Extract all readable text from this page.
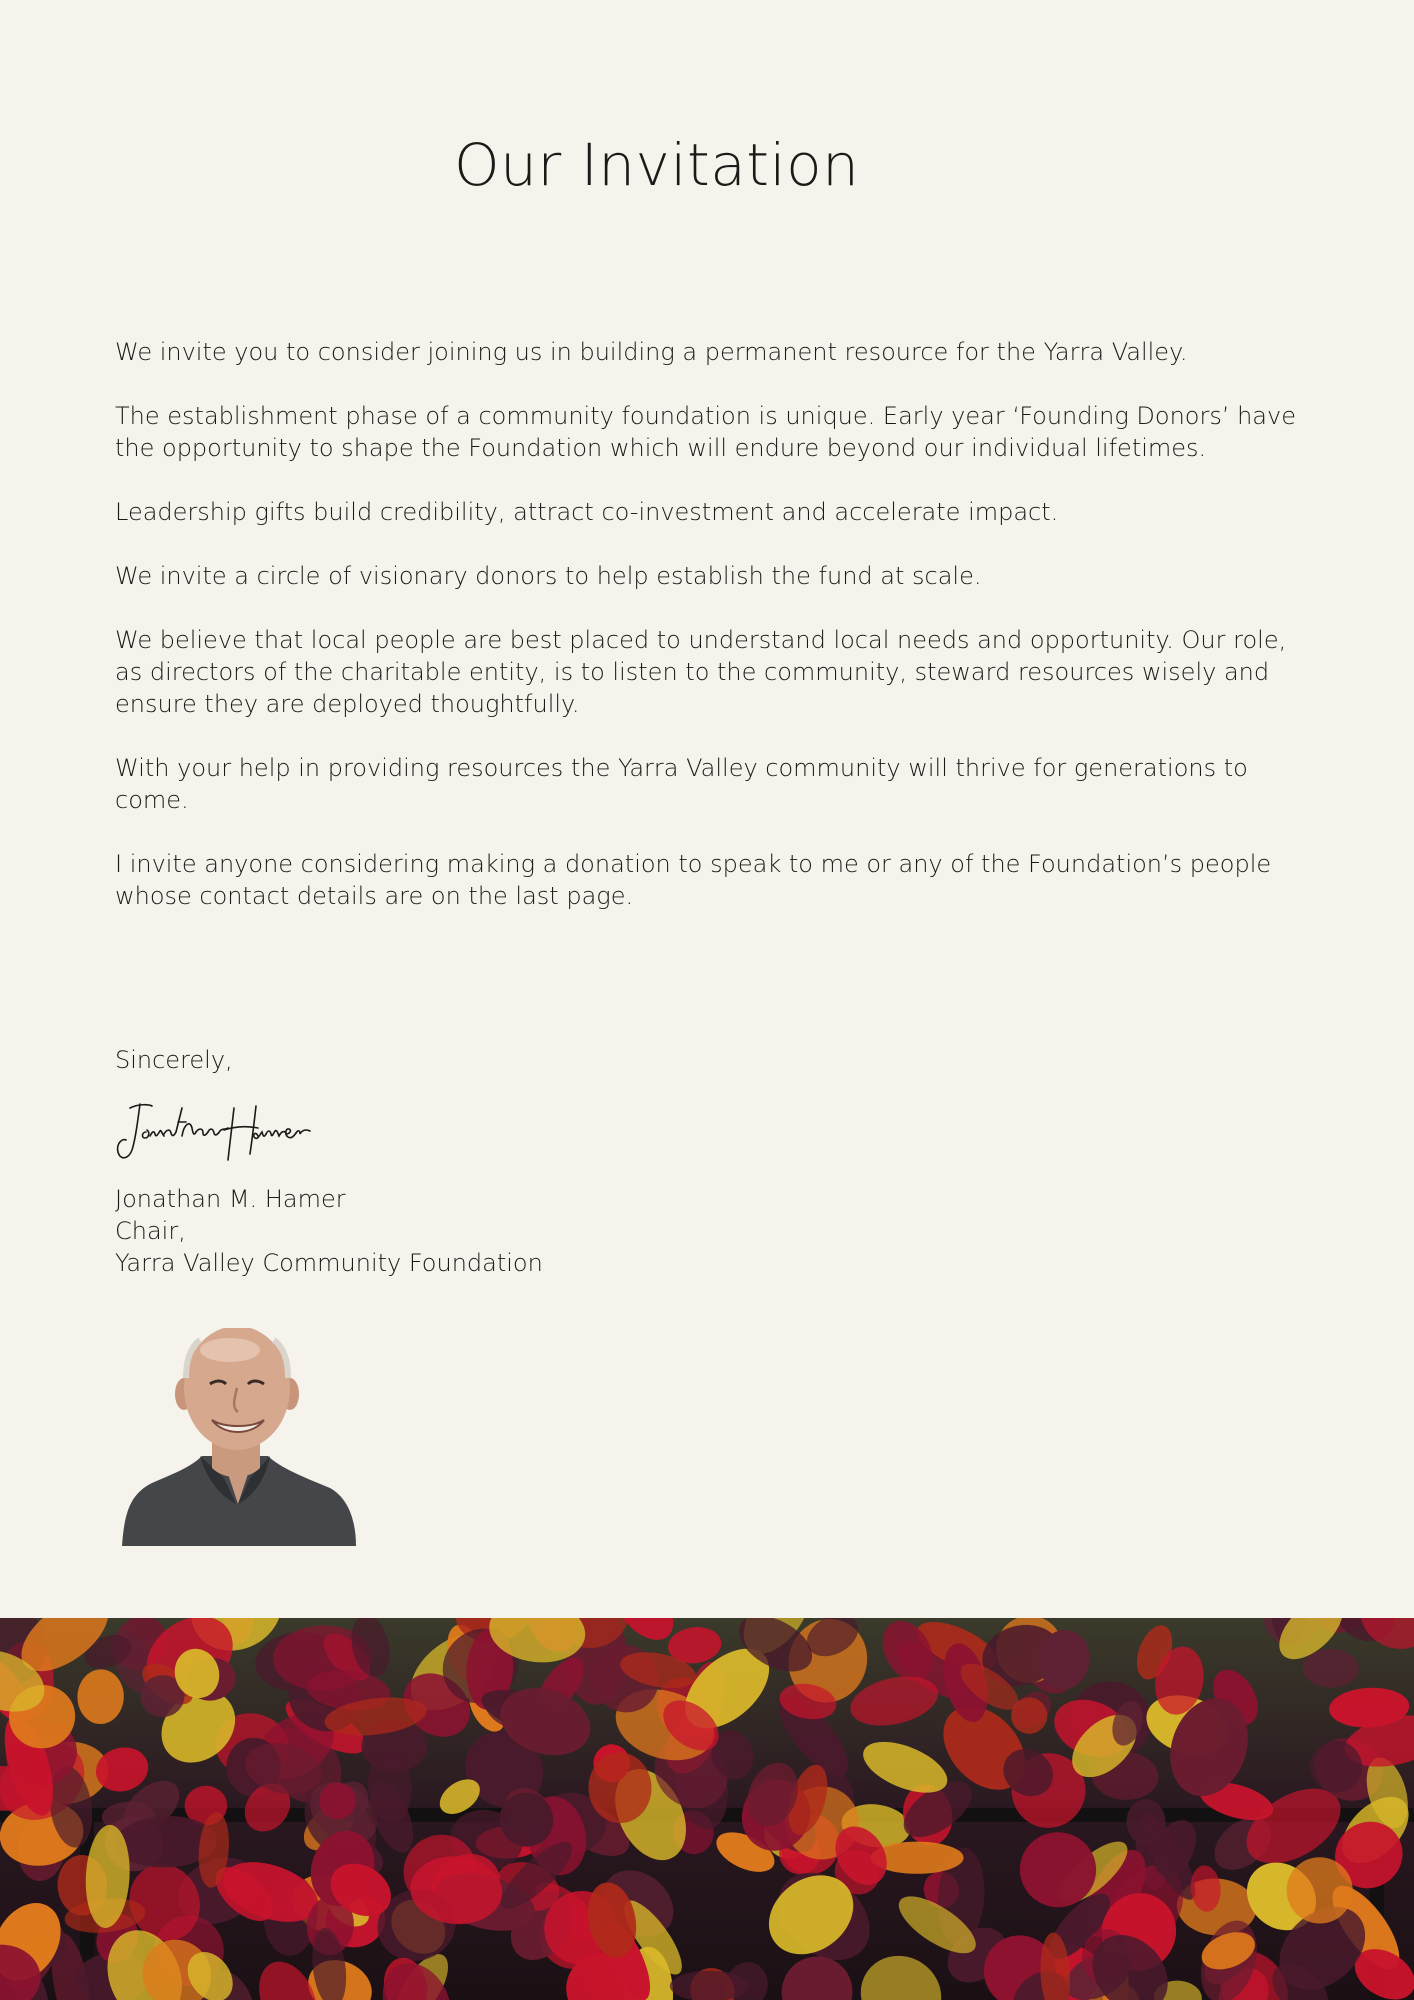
Our Invitation

We invite you to consider joining us in building a permanent resource for the Yarra Valley.

The establishment phase of a community foundation is unique. Early year ‘Founding Donors’ have the opportunity to shape the Foundation which will endure beyond our individual lifetimes.

Leadership gifts build credibility, attract co-investment and accelerate impact.

We invite a circle of visionary donors to help establish the fund at scale.

We believe that local people are best placed to understand local needs and opportunity. Our role, as directors of the charitable entity, is to listen to the community, steward resources wisely and ensure they are deployed thoughtfully.

With your help in providing resources the Yarra Valley community will thrive for generations to come.

I invite anyone considering making a donation to speak to me or any of the Foundation’s people whose contact details are on the last page.

Sincerely,
Jonathan M. Hamer
Chair,
Yarra Valley Community Foundation
